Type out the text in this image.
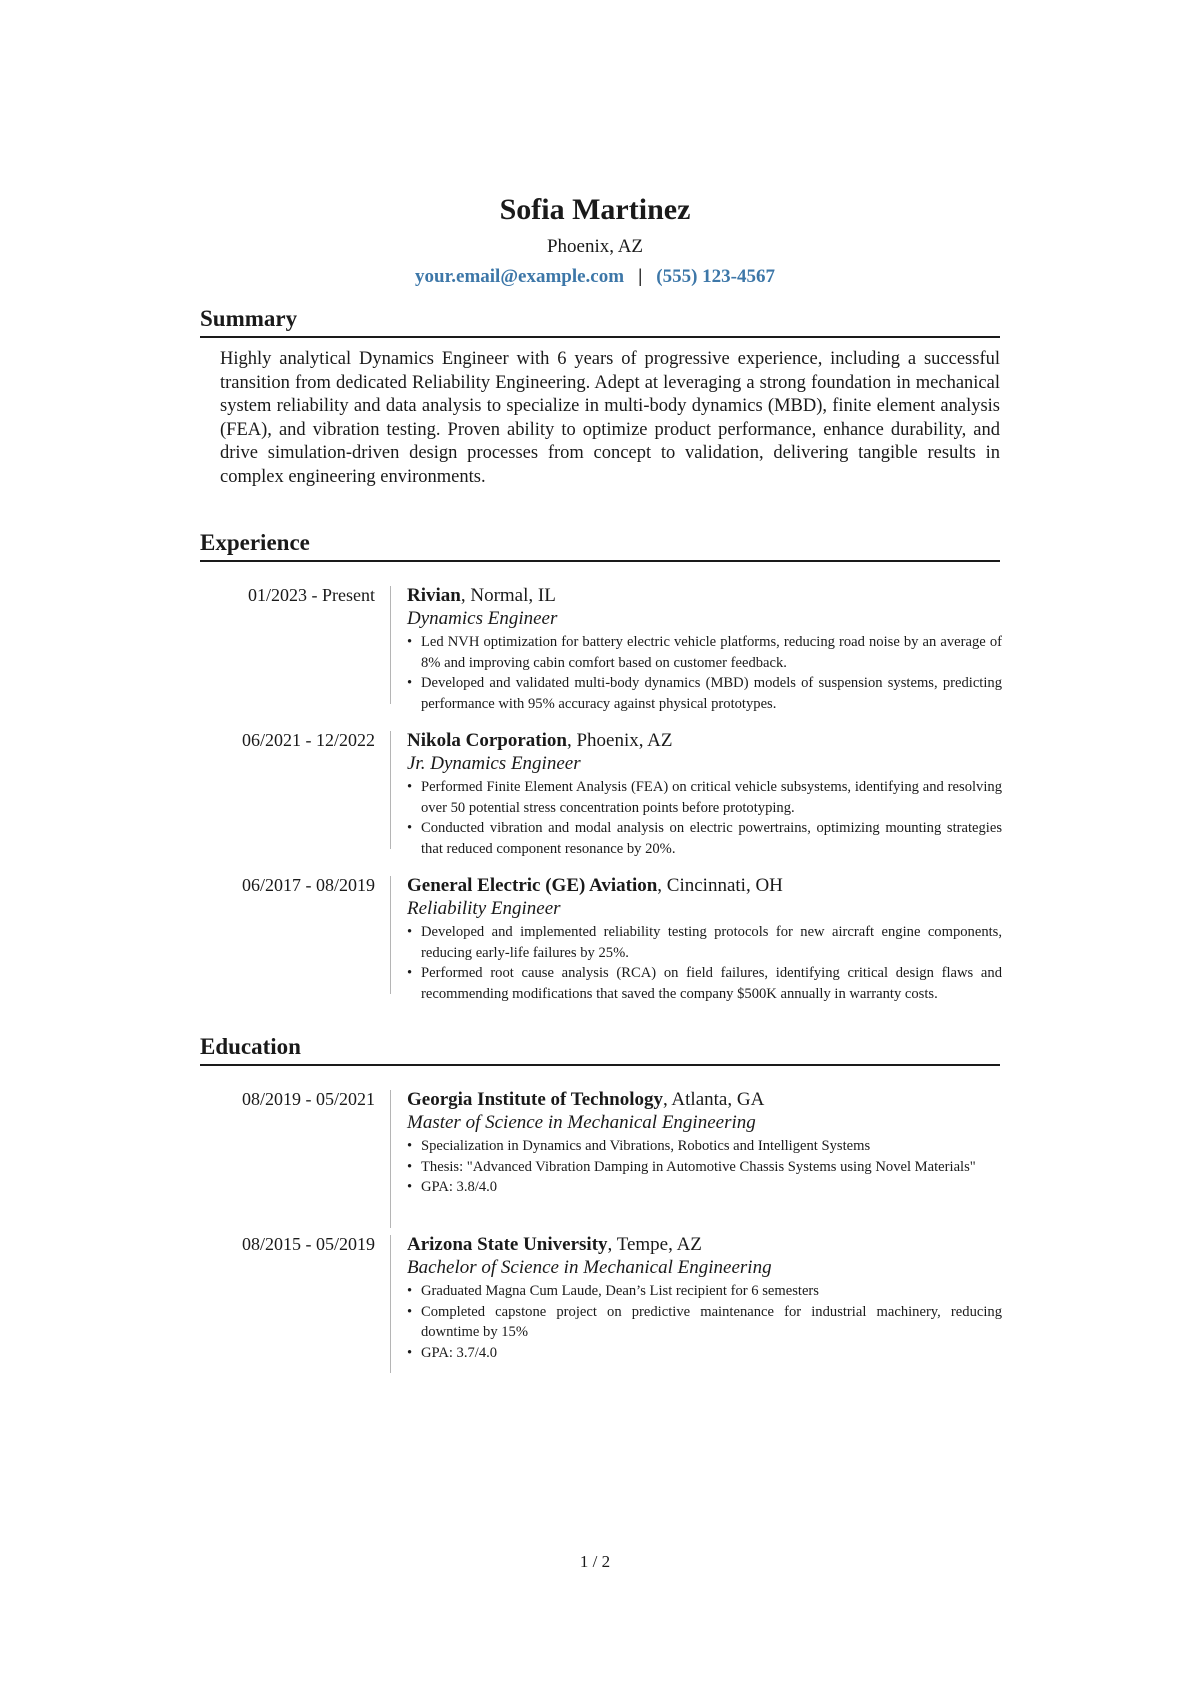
Sofia Martinez

Phoenix, AZ

your.email@example.com | (555) 123-4567

Summary

Highly analytical Dynamics Engineer with 6 years of progressive experience, including a successful transition from dedicated Reliability Engineering. Adept at leveraging a strong foundation in mechanical system reliability and data analysis to specialize in multi-body dynamics (MBD), finite element analysis (FEA), and vibration testing. Proven ability to optimize product performance, enhance durability, and drive simulation-driven design processes from concept to validation, delivering tangible results in complex engineering environments.

Experience
01/2023 - Present Rivian, Normal, IL

Dynamics Engineer

• Led NVH optimization for battery electric vehicle platforms, reducing road noise by an average of 8% and improving cabin comfort based on customer feedback.
• Developed and validated multi-body dynamics (MBD) models of suspension systems, predicting performance with 95% accuracy against physical prototypes.
06/2021 - 12/2022 Nikola Corporation, Phoenix, AZ

Jr. Dynamics Engineer

• Performed Finite Element Analysis (FEA) on critical vehicle subsystems, identifying and resolving over 50 potential stress concentration points before prototyping.
• Conducted vibration and modal analysis on electric powertrains, optimizing mounting strategies that reduced component resonance by 20%.
06/2017 - 08/2019 General Electric (GE) Aviation, Cincinnati, OH

Reliability Engineer

• Developed and implemented reliability testing protocols for new aircraft engine components, reducing early-life failures by 25%.
• Performed root cause analysis (RCA) on field failures, identifying critical design flaws and recommending modifications that saved the company $500K annually in warranty costs.
Education
08/2019 - 05/2021 Georgia Institute of Technology, Atlanta, GA

Master of Science in Mechanical Engineering

• Specialization in Dynamics and Vibrations, Robotics and Intelligent Systems
• Thesis: "Advanced Vibration Damping in Automotive Chassis Systems using Novel Materials"
• GPA: 3.8/4.0
08/2015 - 05/2019 Arizona State University, Tempe, AZ

Bachelor of Science in Mechanical Engineering

• Graduated Magna Cum Laude, Dean’s List recipient for 6 semesters
• Completed capstone project on predictive maintenance for industrial machinery, reducing downtime by 15%
• GPA: 3.7/4.0
1 / 2
